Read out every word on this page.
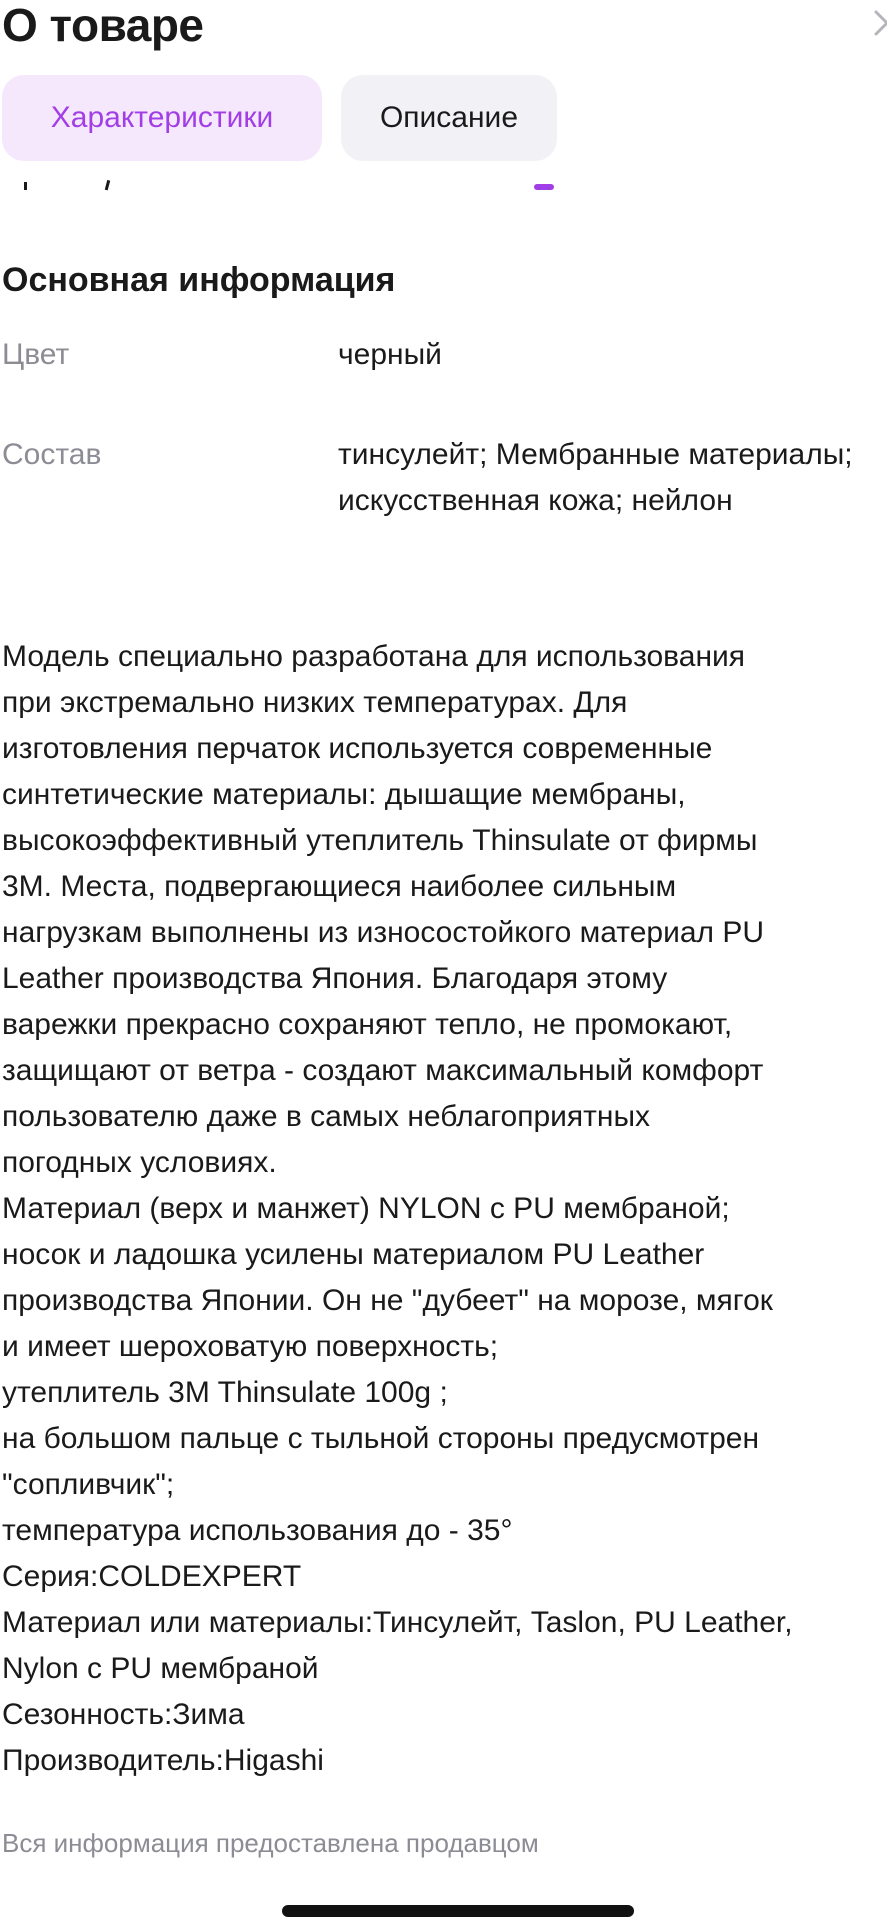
О товаре
Характеристики	Описание
Основная информация
Цвет	черный
Состав	тинсулейт; Мембранные материалы; искусственная кожа; нейлон
Модель специально разработана для использования
при экстремально низких температурах. Для
изготовления перчаток используется современные
синтетические материалы: дышащие мембраны,
высокоэффективный утеплитель Thinsulate от фирмы
3М. Места, подвергающиеся наиболее сильным
нагрузкам выполнены из износостойкого материал PU
Leather производства Япония. Благодаря этому
варежки прекрасно сохраняют тепло, не промокают,
защищают от ветра - создают максимальный комфорт
пользователю даже в самых неблагоприятных
погодных условиях.
Материал (верх и манжет) NYLON с PU мембраной;
носок и ладошка усилены материалом PU Leather
производства Японии. Он не "дубеет" на морозе, мягок
и имеет шероховатую поверхность;
утеплитель 3M Thinsulate 100g ;
на большом пальце с тыльной стороны предусмотрен
"сопливчик";
температура использования до - 35°
Серия:COLDEXPERT
Материал или материалы:Тинсулейт, Taslon, PU Leather,
Nylon с PU мембраной
Сезонность:Зима
Производитель:Higashi
Вся информация предоставлена продавцом
